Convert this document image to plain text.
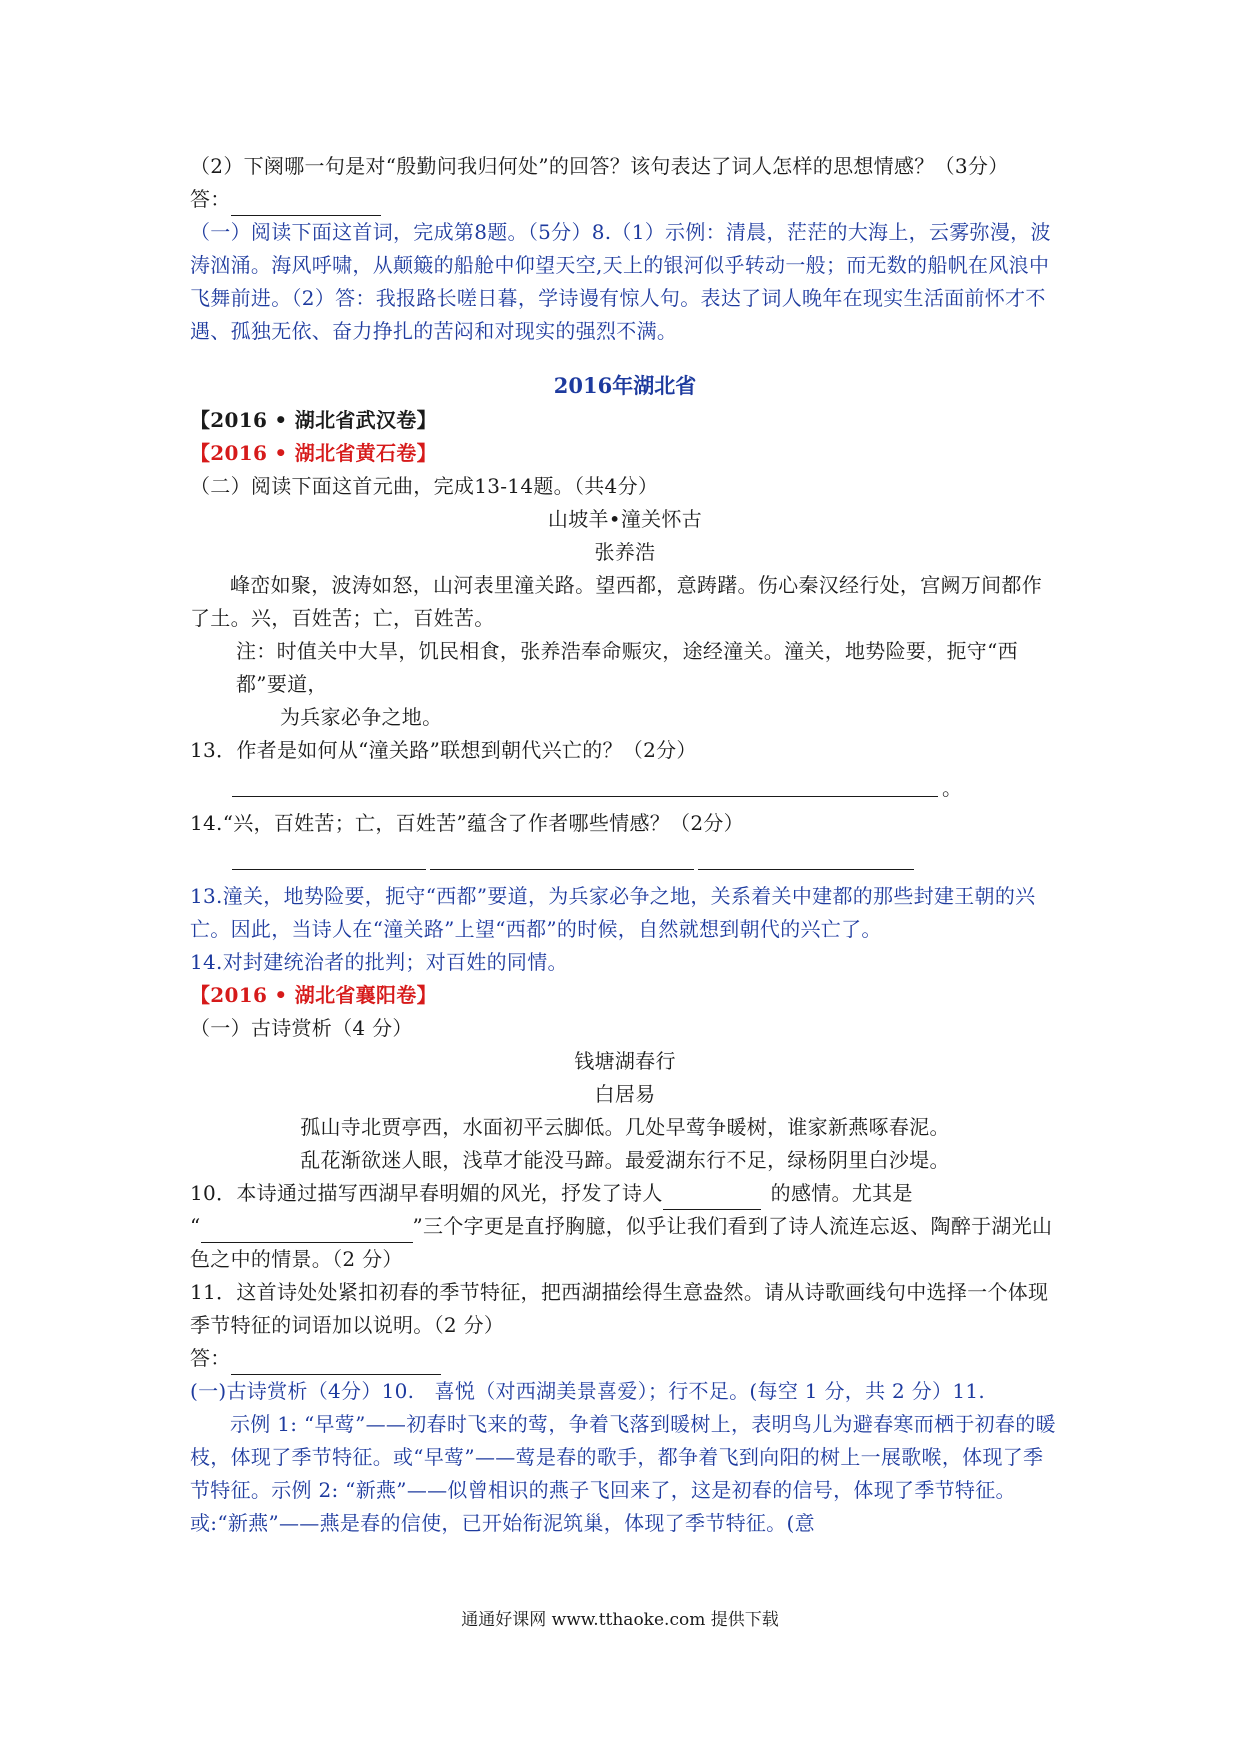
（2）下阕哪一句是对“殷勤问我归何处”的回答？该句表达了词人怎样的思想情感？（3分）

答：

（一）阅读下面这首词，完成第8题。（5分）8.（1）示例：清晨，茫茫的大海上，云雾弥漫，波涛汹涌。海风呼啸，从颠簸的船舱中仰望天空,天上的银河似乎转动一般；而无数的船帆在风浪中飞舞前进。（2）答：我报路长嗟日暮，学诗谩有惊人句。表达了词人晚年在现实生活面前怀才不遇、孤独无依、奋力挣扎的苦闷和对现实的强烈不满。

2016年湖北省

【2016 • 湖北省武汉卷】

【2016 • 湖北省黄石卷】

（二）阅读下面这首元曲，完成13-14题。（共4分）

山坡羊•潼关怀古

张养浩

峰峦如聚，波涛如怒，山河表里潼关路。望西都，意踌躇。伤心秦汉经行处，宫阙万间都作了土。兴，百姓苦；亡，百姓苦。

注：时值关中大旱，饥民相食，张养浩奉命赈灾，途经潼关。潼关，地势险要，扼守“西都”要道，

为兵家必争之地。

13．作者是如何从“潼关路”联想到朝代兴亡的？（2分）

。

14.“兴，百姓苦；亡，百姓苦”蕴含了作者哪些情感？（2分）

13.潼关，地势险要，扼守“西都”要道，为兵家必争之地，关系着关中建都的那些封建王朝的兴亡。因此，当诗人在“潼关路”上望“西都”的时候，自然就想到朝代的兴亡了。

14.对封建统治者的批判；对百姓的同情。

【2016 • 湖北省襄阳卷】

（一）古诗赏析（4 分）

钱塘湖春行

白居易

孤山寺北贾亭西，水面初平云脚低。几处早莺争暖树，谁家新燕啄春泥。

乱花渐欲迷人眼，浅草才能没马蹄。最爱湖东行不足，绿杨阴里白沙堤。

10．本诗通过描写西湖早春明媚的风光，抒发了诗人	的感情。尤其是
“	”三个字更是直抒胸臆，似乎让我们看到了诗人流连忘返、陶醉于湖光山色之中的情景。（2 分）

11．这首诗处处紧扣初春的季节特征，把西湖描绘得生意盎然。请从诗歌画线句中选择一个体现季节特征的词语加以说明。（2 分）

答：

(一)古诗赏析（4分）10.　喜悦（对西湖美景喜爱）；行不足。(每空 1 分，共 2 分）11.

示例 1: “早莺”——初春时飞来的莺，争着飞落到暖树上，表明鸟儿为避春寒而栖于初春的暖枝，体现了季节特征。或“早莺”——莺是春的歌手，都争着飞到向阳的树上一展歌喉，体现了季节特征。示例 2: “新燕”——似曾相识的燕子飞回来了，这是初春的信号，体现了季节特征。 或:“新燕”——燕是春的信使，已开始衔泥筑巢，体现了季节特征。(意

通通好课网 www.tthaoke.com 提供下载
